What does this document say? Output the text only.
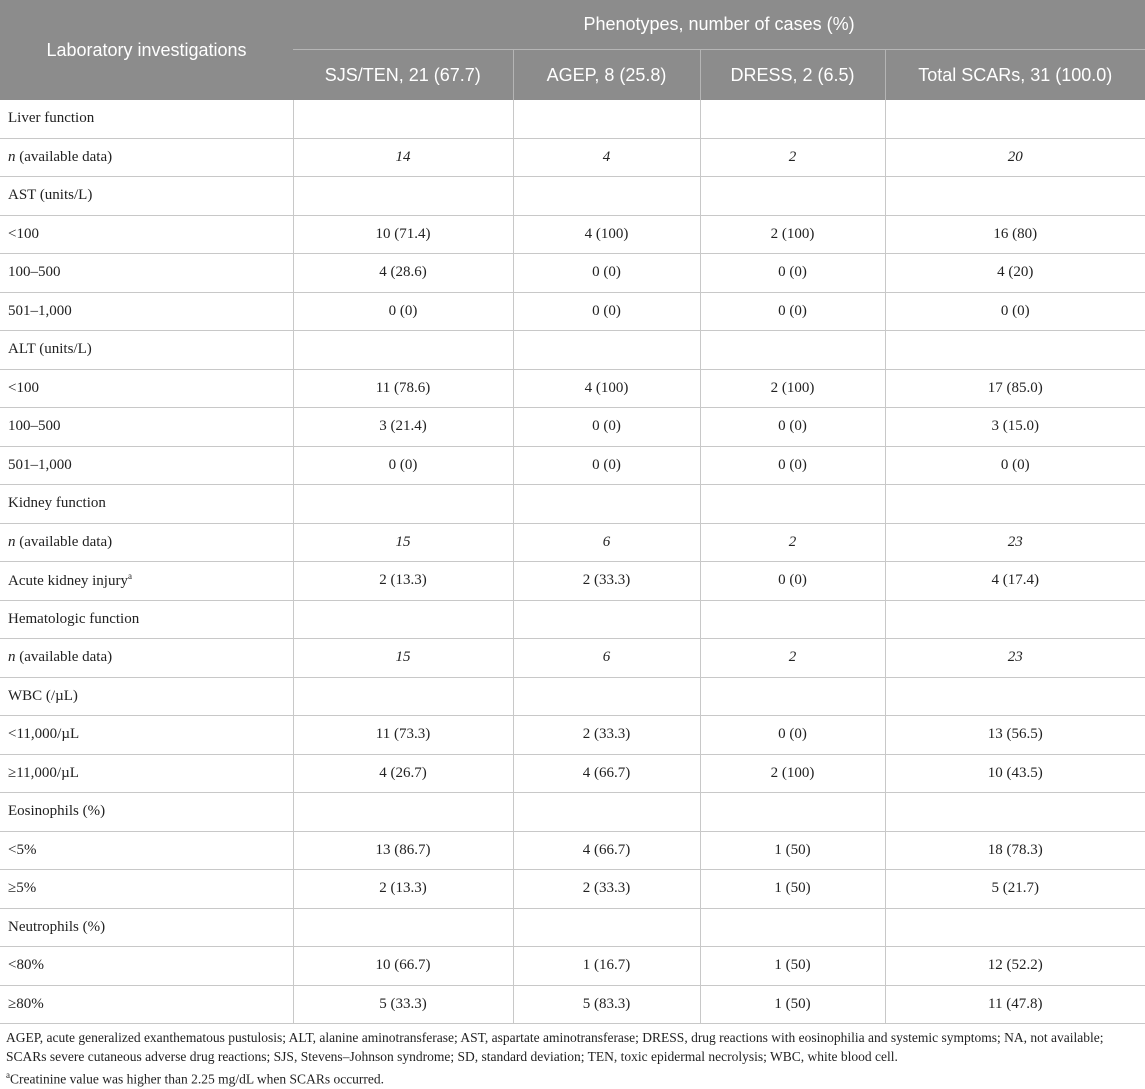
Laboratory investigations	Phenotypes, number of cases (%)			
	SJS/TEN, 21 (67.7)	AGEP, 8 (25.8)	DRESS, 2 (6.5)	Total SCARs, 31 (100.0)
Liver function				
n (available data)	14	4	2	20
AST (units/L)				
<100	10 (71.4)	4 (100)	2 (100)	16 (80)
100–500	4 (28.6)	0 (0)	0 (0)	4 (20)
501–1,000	0 (0)	0 (0)	0 (0)	0 (0)
ALT (units/L)				
<100	11 (78.6)	4 (100)	2 (100)	17 (85.0)
100–500	3 (21.4)	0 (0)	0 (0)	3 (15.0)
501–1,000	0 (0)	0 (0)	0 (0)	0 (0)
Kidney function				
n (available data)	15	6	2	23
Acute kidney injury$^a$	2 (13.3)	2 (33.3)	0 (0)	4 (17.4)
Hematologic function				
n (available data)	15	6	2	23
WBC (/µL)				
<11,000/µL	11 (73.3)	2 (33.3)	0 (0)	13 (56.5)
≥11,000/µL	4 (26.7)	4 (66.7)	2 (100)	10 (43.5)
Eosinophils (%)				
<5%	13 (86.7)	4 (66.7)	1 (50)	18 (78.3)
≥5%	2 (13.3)	2 (33.3)	1 (50)	5 (21.7)
Neutrophils (%)				
<80%	10 (66.7)	1 (16.7)	1 (50)	12 (52.2)
≥80%	5 (33.3)	5 (83.3)	1 (50)	11 (47.8)
AGEP, acute generalized exanthematous pustulosis; ALT, alanine aminotransferase; AST, aspartate aminotransferase; DRESS, drug reactions with eosinophilia and systemic symptoms; NA, not available; SCARs severe cutaneous adverse drug reactions; SJS, Stevens–Johnson syndrome; SD, standard deviation; TEN, toxic epidermal necrolysis; WBC, white blood cell.
$^a$Creatinine value was higher than 2.25 mg/dL when SCARs occurred.
